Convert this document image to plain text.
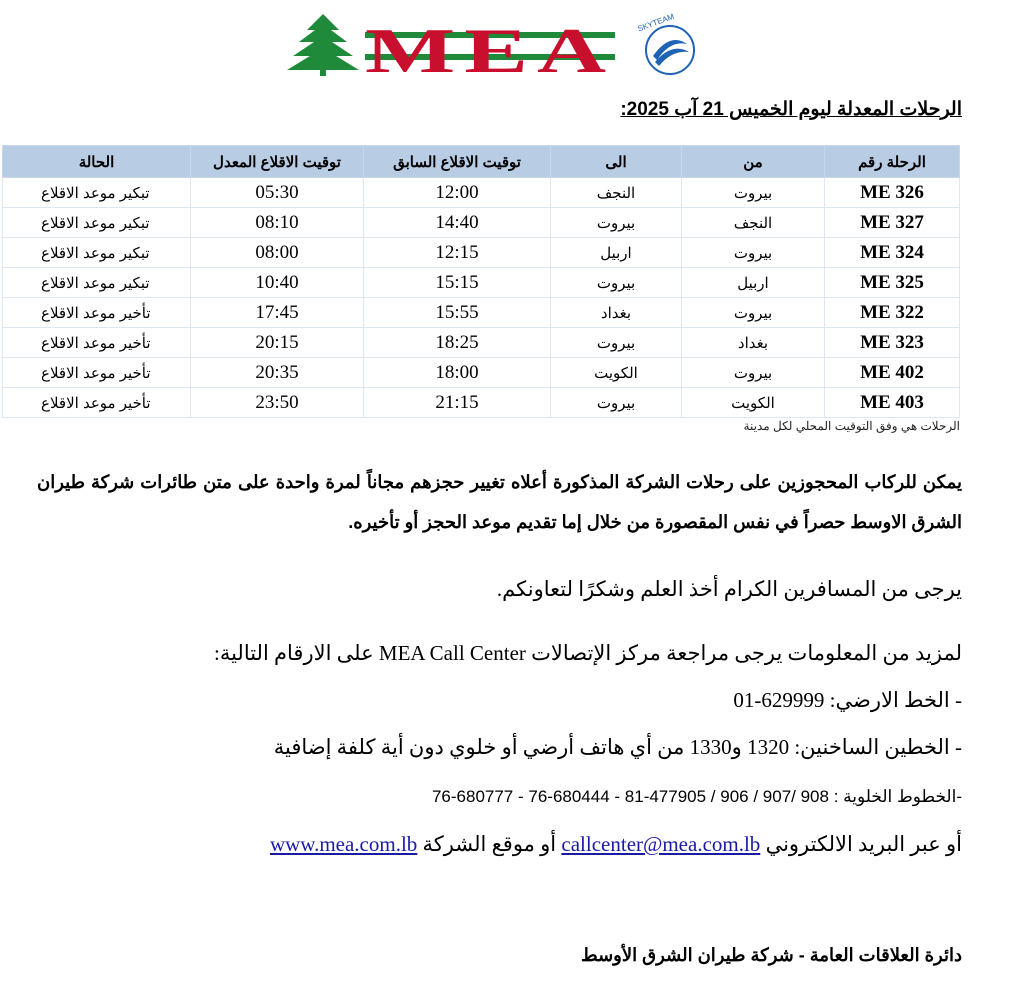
MEA	SKYTEAM
الرحلات المعدلة ليوم الخميس 21 آب 2025:
الرحلة رقم	من	الى	توقيت الاقلاع السابق	توقيت الاقلاع المعدل	الحالة
ME 326	بيروت	النجف	12:00	05:30	تبكير موعد الاقلاع
ME 327	النجف	بيروت	14:40	08:10	تبكير موعد الاقلاع
ME 324	بيروت	اربيل	12:15	08:00	تبكير موعد الاقلاع
ME 325	اربيل	بيروت	15:15	10:40	تبكير موعد الاقلاع
ME 322	بيروت	بغداد	15:55	17:45	تأخير موعد الاقلاع
ME 323	بغداد	بيروت	18:25	20:15	تأخير موعد الاقلاع
ME 402	بيروت	الكويت	18:00	20:35	تأخير موعد الاقلاع
ME 403	الكويت	بيروت	21:15	23:50	تأخير موعد الاقلاع
الرحلات هي وفق التوقيت المحلي لكل مدينة
يمكن للركاب المحجوزين على رحلات الشركة المذكورة أعلاه تغيير حجزهم مجاناً لمرة واحدة على متن طائرات شركة طيران الشرق الاوسط حصراً في نفس المقصورة من خلال إما تقديم موعد الحجز أو تأخيره.
يرجى من المسافرين الكرام أخذ العلم وشكرًا لتعاونكم.
لمزيد من المعلومات يرجى مراجعة مركز الإتصالات MEA Call Center على الارقام التالية:
- الخط الارضي: 01-629999
- الخطين الساخنين: 1320 و1330 من أي هاتف أرضي أو خلوي دون أية كلفة إضافية
-الخطوط الخلوية : 76-680777 - 76-680444 - 81-477905 / 906 / 907/ 908
أو عبر البريد الالكتروني callcenter@mea.com.lb أو موقع الشركة www.mea.com.lb
دائرة العلاقات العامة - شركة طيران الشرق الأوسط
